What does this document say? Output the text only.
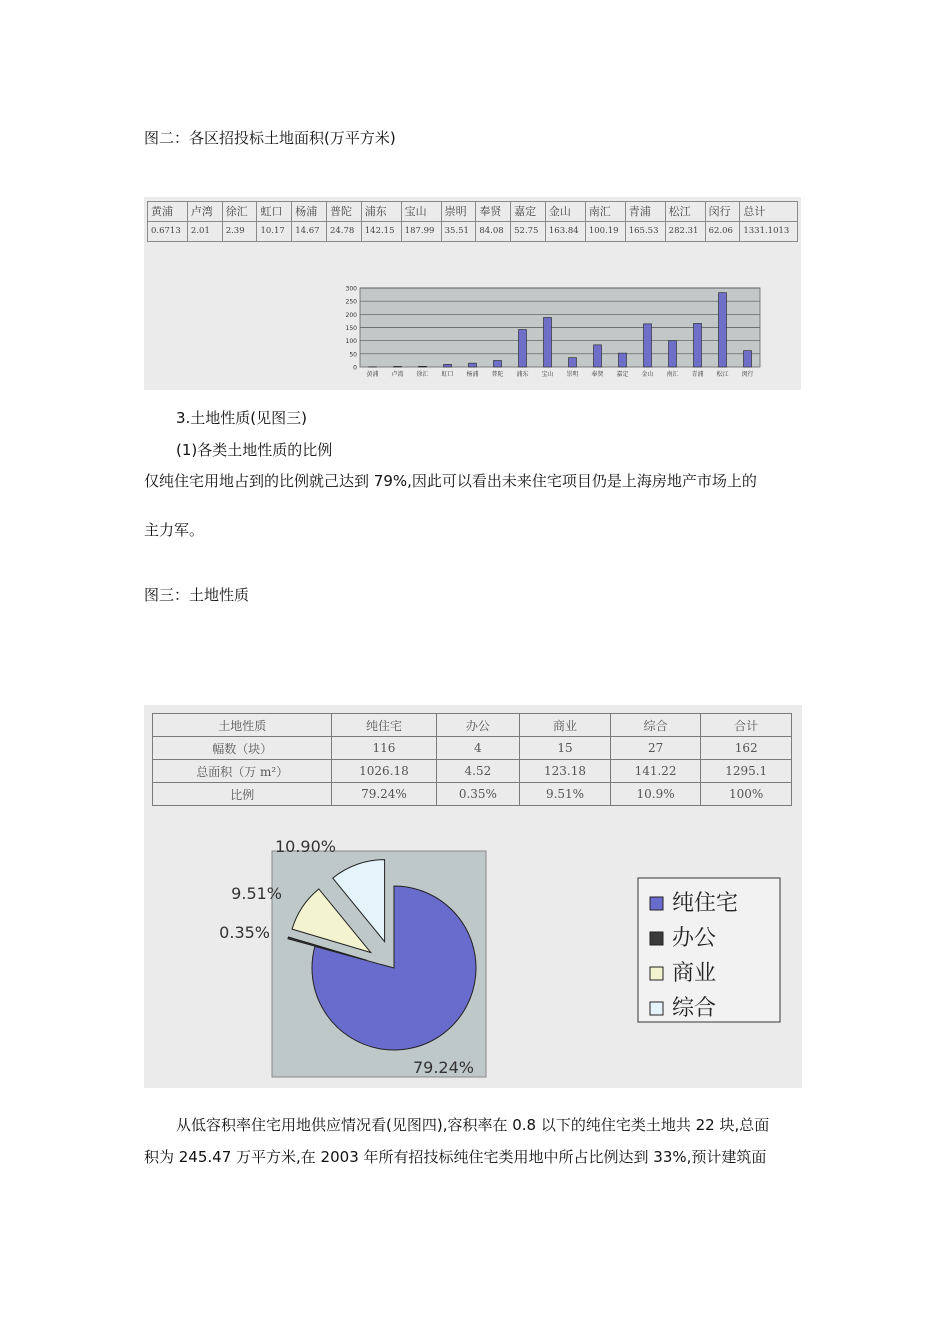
图二：各区招投标土地面积(万平方米)
黄浦	卢湾	徐汇	虹口	杨浦	普陀	浦东	宝山	崇明	奉贤	嘉定	金山	南汇	青浦	松江	闵行	总计
0.6713	2.01	2.39	10.17	14.67	24.78	142.15	187.99	35.51	84.08	52.75	163.84	100.19	165.53	282.31	62.06	1331.1013
0
50
100
150
200
250
300
黄浦 卢湾 徐汇 虹口 杨浦 普陀 浦东 宝山 崇明 奉贤 嘉定 金山 南汇 青浦 松江 闵行
3.土地性质(见图三)
(1)各类土地性质的比例
仅纯住宅用地占到的比例就己达到 79%,因此可以看出未来住宅项目仍是上海房地产市场上的
主力军。
图三：土地性质
土地性质	纯住宅	办公	商业	综合	合计
幅数（块）	116	4	15	27	162
总面积（万 m²）	1026.18	4.52	123.18	141.22	1295.1
比例	79.24%	0.35%	9.51%	10.9%	100%
79.24%
0.35%
9.51%
10.90%
纯住宅
办公
商业
综合
从低容积率住宅用地供应情况看(见图四),容积率在 0.8 以下的纯住宅类土地共 22 块,总面
积为 245.47 万平方米,在 2003 年所有招技标纯住宅类用地中所占比例达到 33%,预计建筑面
